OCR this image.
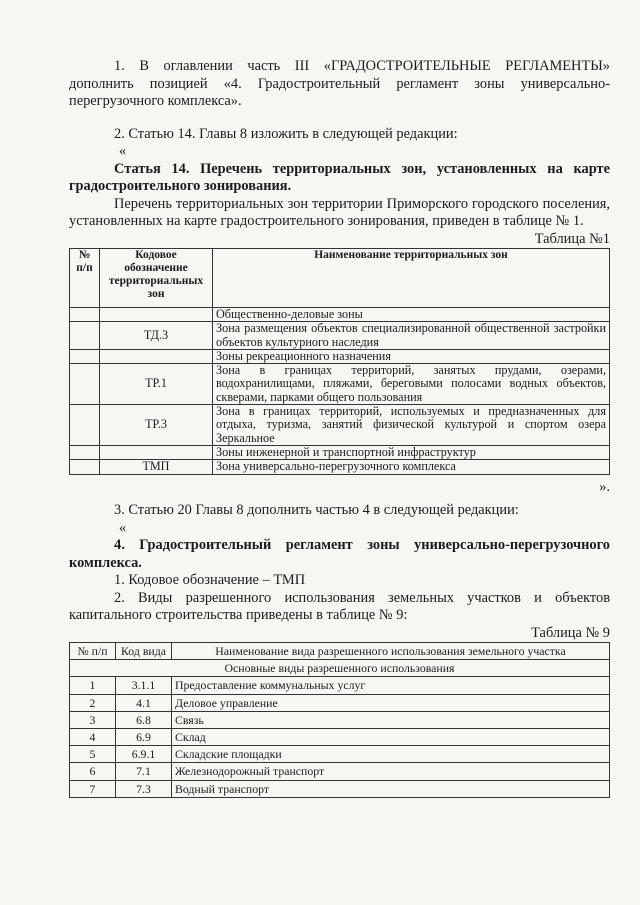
1. В оглавлении часть III «ГРАДОСТРОИТЕЛЬНЫЕ РЕГЛАМЕНТЫ» дополнить позицией «4. Градостроительный регламент зоны универсально-перегрузочного комплекса».

2. Статью 14. Главы 8 изложить в следующей редакции:

«

Статья 14. Перечень территориальных зон, установленных на карте градостроительного зонирования.

Перечень территориальных зон территории Приморского городского поселения, установленных на карте градостроительного зонирования, приведен в таблице № 1.

Таблица №1

№ п/п	Кодовое обозначение территориальных зон	Наименование территориальных зон
		Общественно-деловые зоны
	ТД.3	Зона размещения объектов специализированной общественной застройки объектов культурного наследия
		Зоны рекреационного назначения
	ТР.1	Зона в границах территорий, занятых прудами, озерами, водохранилищами, пляжами, береговыми полосами водных объектов, скверами, парками общего пользования
	ТР.3	Зона в границах территорий, используемых и предназначенных для отдыха, туризма, занятий физической культурой и спортом озера Зеркальное
		Зоны инженерной и транспортной инфраструктур
	ТМП	Зона универсально-перегрузочного комплекса

».

3. Статью 20 Главы 8 дополнить частью 4 в следующей редакции:

«

4. Градостроительный регламент зоны универсально-перегрузочного комплекса.

1. Кодовое обозначение – ТМП

2. Виды разрешенного использования земельных участков и объектов капитального строительства приведены в таблице № 9:

Таблица № 9

№ п/п	Код вида	Наименование вида разрешенного использования земельного участка
Основные виды разрешенного использования		
1	3.1.1	Предоставление коммунальных услуг
2	4.1	Деловое управление
3	6.8	Связь
4	6.9	Склад
5	6.9.1	Складские площадки
6	7.1	Железнодорожный транспорт
7	7.3	Водный транспорт
